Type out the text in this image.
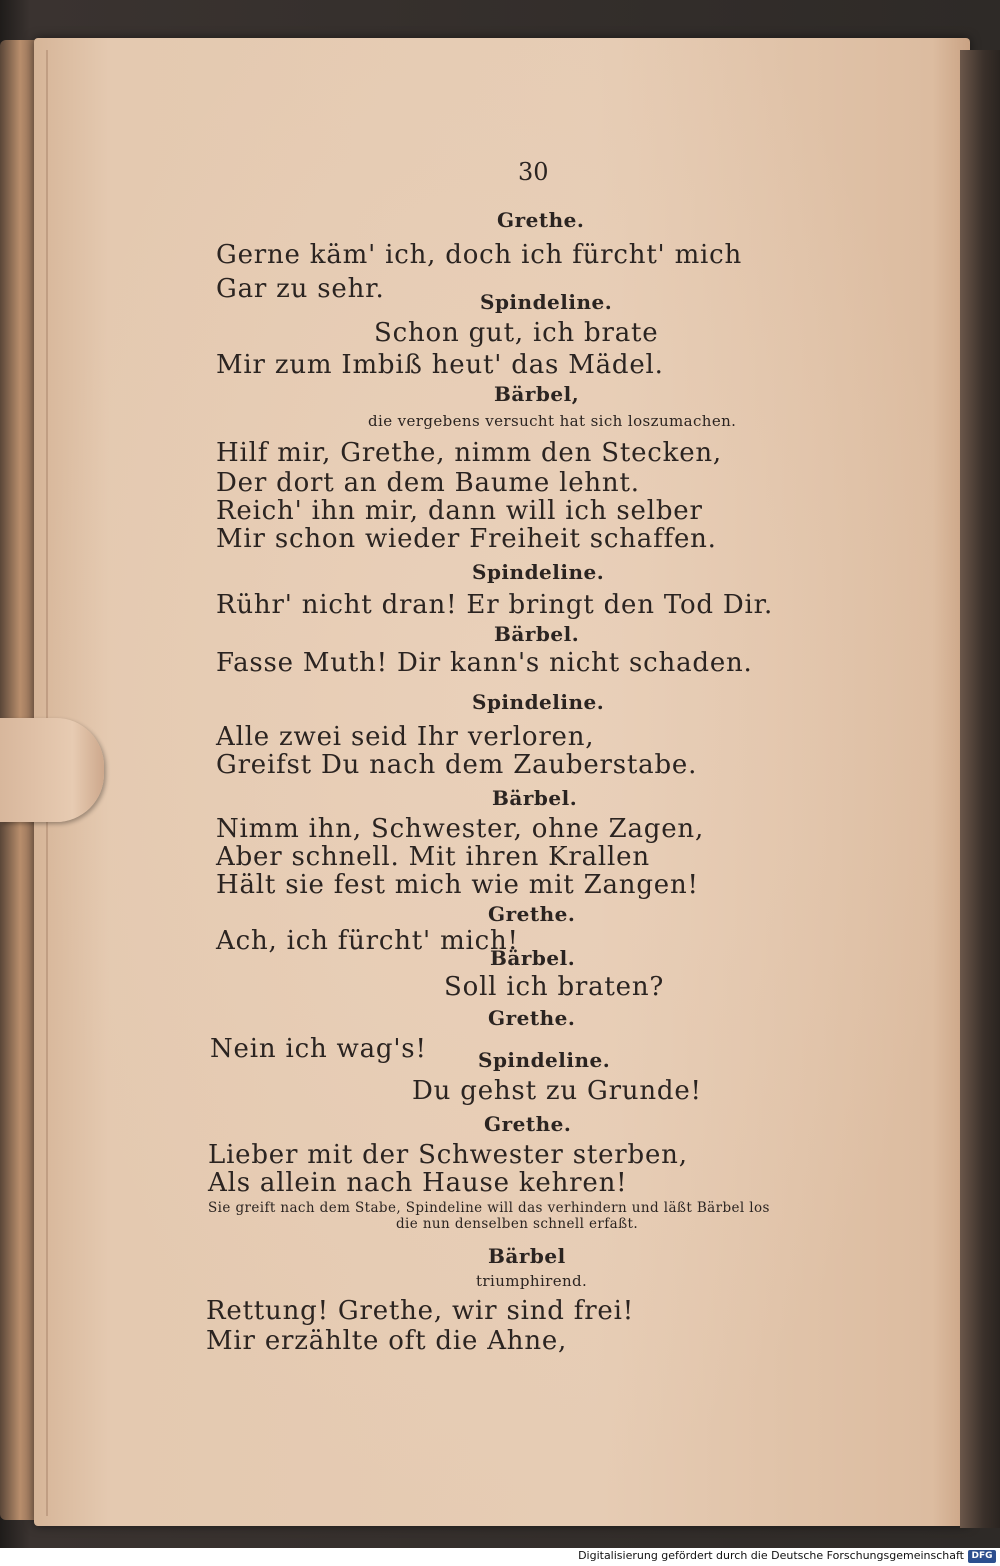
30
Grethe.
Gerne käm' ich, doch ich fürcht' mich
Gar zu sehr.	Spindeline.
Schon gut, ich brate
Mir zum Imbiß heut' das Mädel.
Bärbel,
die vergebens versucht hat sich loszumachen.
Hilf mir, Grethe, nimm den Stecken,
Der dort an dem Baume lehnt.
Reich' ihn mir, dann will ich selber
Mir schon wieder Freiheit schaffen.
Spindeline.
Rühr' nicht dran! Er bringt den Tod Dir.
Bärbel.
Fasse Muth! Dir kann's nicht schaden.
Spindeline.
Alle zwei seid Ihr verloren,
Greifst Du nach dem Zauberstabe.
Bärbel.
Nimm ihn, Schwester, ohne Zagen,
Aber schnell. Mit ihren Krallen
Hält sie fest mich wie mit Zangen!
Grethe.
Ach, ich fürcht' mich!
Bärbel.
Soll ich braten?
Grethe.
Nein ich wag's!	Spindeline.
Du gehst zu Grunde!
Grethe.
Lieber mit der Schwester sterben,
Als allein nach Hause kehren!
Sie greift nach dem Stabe, Spindeline will das verhindern und läßt Bärbel los
die nun denselben schnell erfaßt.
Bärbel
triumphirend.
Rettung! Grethe, wir sind frei!
Mir erzählte oft die Ahne,
Digitalisierung gefördert durch die Deutsche Forschungsgemeinschaft DFG
